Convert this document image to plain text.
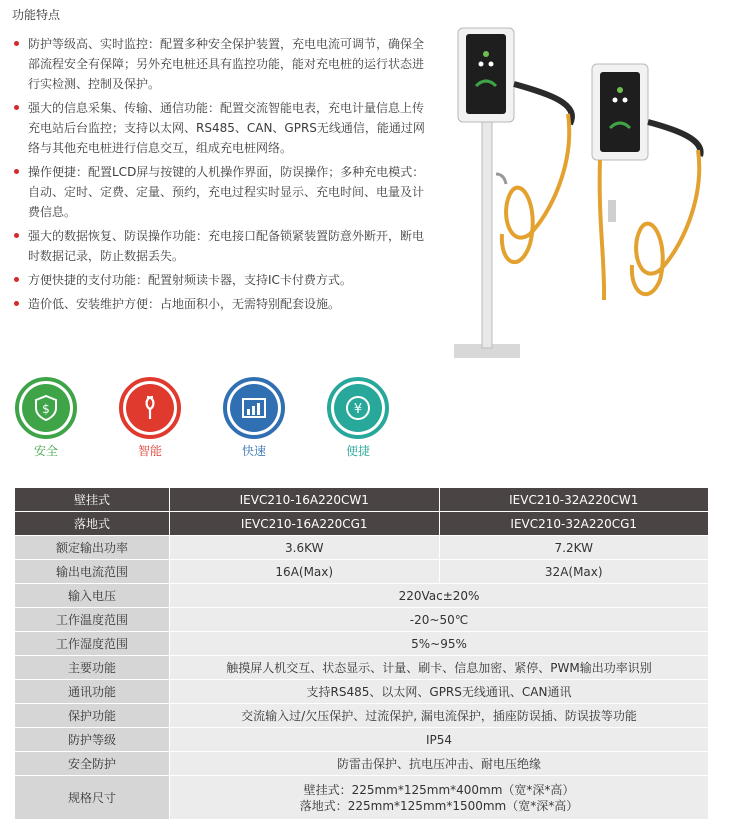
功能特点
防护等级高、实时监控：配置多种安全保护装置，充电电流可调节，确保全部流程安全有保障；另外充电桩还具有监控功能，能对充电桩的运行状态进行实检测、控制及保护。
强大的信息采集、传输、通信功能：配置交流智能电表，充电计量信息上传充电站后台监控；支持以太网、RS485、CAN、GPRS无线通信，能通过网络与其他充电桩进行信息交互，组成充电桩网络。
操作便捷：配置LCD屏与按键的人机操作界面，防误操作；多种充电模式：自动、定时、定费、定量、预约，充电过程实时显示、充电时间、电量及计费信息。
强大的数据恢复、防误操作功能：充电接口配备锁紧装置防意外断开，断电时数据记录，防止数据丢失。
方便快捷的支付功能：配置射频读卡器，支持IC卡付费方式。
造价低、安装维护方便：占地面积小，无需特别配套设施。
$
安全	智能	快速
¥
便捷
壁挂式	IEVC210-16A220CW1	IEVC210-32A220CW1
落地式	IEVC210-16A220CG1	IEVC210-32A220CG1
额定输出功率	3.6KW	7.2KW
输出电流范围	16A(Max)	32A(Max)
输入电压	220Vac±20%	
工作温度范围	-20~50℃	
工作湿度范围	5%~95%	
主要功能	触摸屏人机交互、状态显示、计量、刷卡、信息加密、紧停、PWM输出功率识别	
通讯功能	支持RS485、以太网、GPRS无线通讯、CAN通讯	
保护功能	交流输入过/欠压保护、过流保护, 漏电流保护，插座防误插、防误拔等功能	
防护等级	IP54	
安全防护	防雷击保护、抗电压冲击、耐电压绝缘	
规格尺寸	壁挂式：225mm*125mm*400mm（宽*深*高）
落地式：225mm*125mm*1500mm（宽*深*高）	
